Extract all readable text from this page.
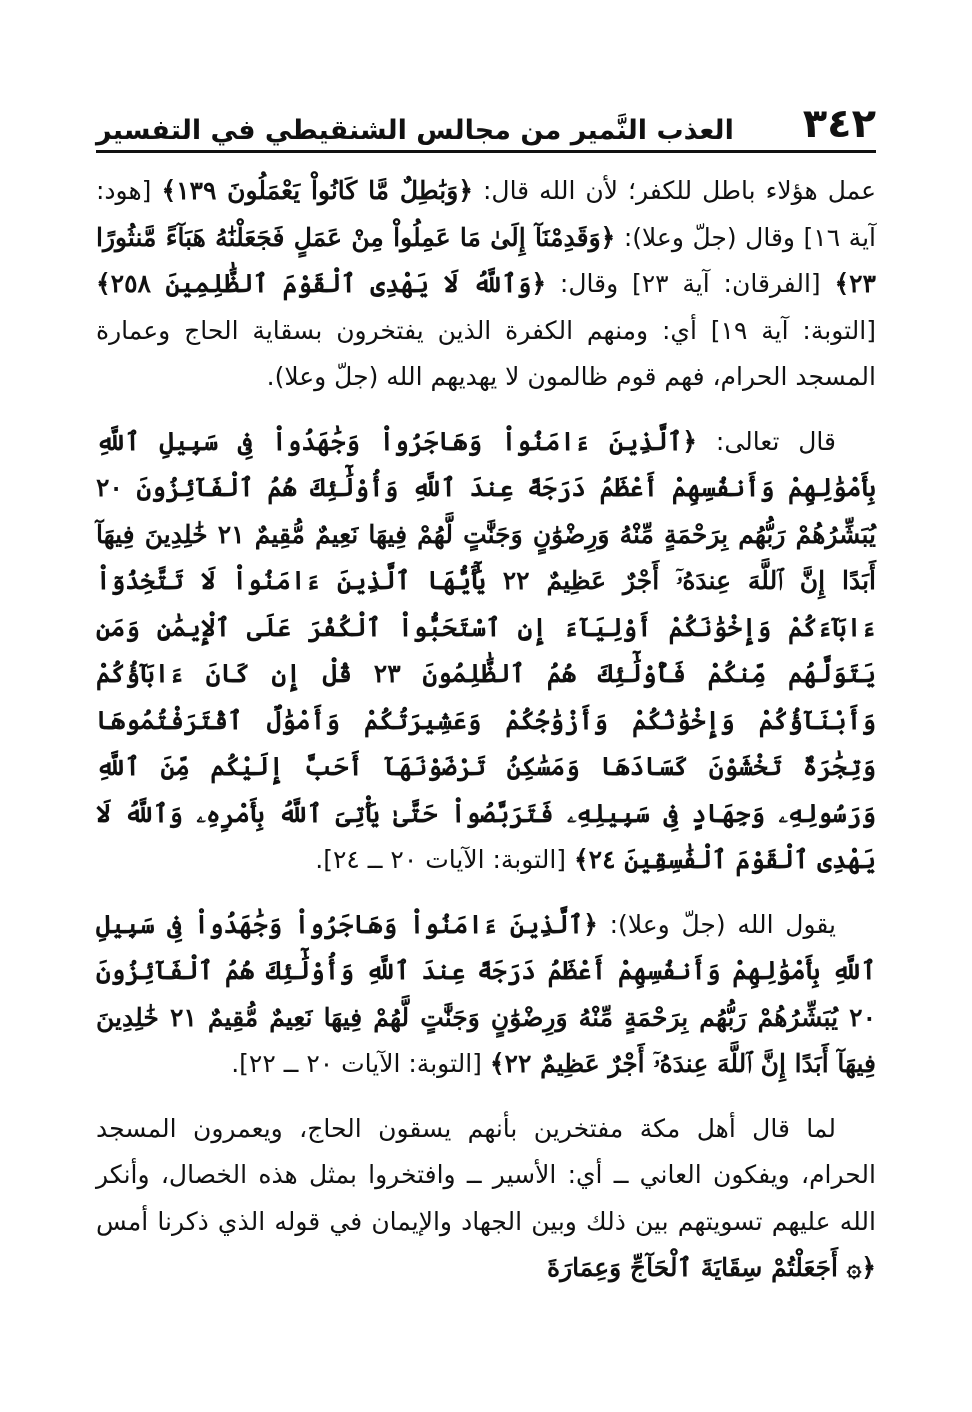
٣٤٢
العذب النَّمير من مجالس الشنقيطي في التفسير

عمل هؤلاء باطل للكفر؛ لأن الله قال: ﴿وَبَٰطِلٌ مَّا كَانُواْ يَعْمَلُونَ ١٣٩﴾ [هود: آية ١٦] وقال (جلّ وعلا): ﴿وَقَدِمْنَآ إِلَىٰ مَا عَمِلُواْ مِنْ عَمَلٍ فَجَعَلْنَٰهُ هَبَآءً مَّنثُورًا ٢٣﴾ [الفرقان: آية ٢٣] وقال: ﴿وَٱللَّهُ لَا يَهْدِى ٱلْقَوْمَ ٱلظَّٰلِمِينَ ٢٥٨﴾ [التوبة: آية ١٩] أي: ومنهم الكفرة الذين يفتخرون بسقاية الحاج وعمارة المسجد الحرام، فهم قوم ظالمون لا يهديهم الله (جلّ وعلا).

قال تعالى: ﴿ٱلَّذِينَ ءَامَنُواْ وَهَاجَرُواْ وَجَٰهَدُواْ فِى سَبِيلِ ٱللَّهِ بِأَمْوَٰلِهِمْ وَأَنفُسِهِمْ أَعْظَمُ دَرَجَةً عِندَ ٱللَّهِ وَأُوْلَٰٓئِكَ هُمُ ٱلْفَآئِزُونَ ٢٠ يُبَشِّرُهُمْ رَبُّهُم بِرَحْمَةٍ مِّنْهُ وَرِضْوَٰنٍ وَجَنَّٰتٍ لَّهُمْ فِيهَا نَعِيمٌ مُّقِيمٌ ٢١ خَٰلِدِينَ فِيهَآ أَبَدًا إِنَّ ٱللَّهَ عِندَهُۥٓ أَجْرٌ عَظِيمٌ ٢٢ يَٰٓأَيُّهَا ٱلَّذِينَ ءَامَنُواْ لَا تَتَّخِذُوٓاْ ءَابَآءَكُمْ وَإِخْوَٰنَكُمْ أَوْلِيَآءَ إِنِ ٱسْتَحَبُّواْ ٱلْكُفْرَ عَلَى ٱلْإِيمَٰنِ وَمَن يَتَوَلَّهُم مِّنكُمْ فَأُوْلَٰٓئِكَ هُمُ ٱلظَّٰلِمُونَ ٢٣ قُلْ إِن كَانَ ءَابَآؤُكُمْ وَأَبْنَآؤُكُمْ وَإِخْوَٰنُكُمْ وَأَزْوَٰجُكُمْ وَعَشِيرَتُكُمْ وَأَمْوَٰلٌ ٱقْتَرَفْتُمُوهَا وَتِجَٰرَةٌ تَخْشَوْنَ كَسَادَهَا وَمَسَٰكِنُ تَرْضَوْنَهَآ أَحَبَّ إِلَيْكُم مِّنَ ٱللَّهِ وَرَسُولِهِۦ وَجِهَادٍ فِى سَبِيلِهِۦ فَتَرَبَّصُواْ حَتَّىٰ يَأْتِىَ ٱللَّهُ بِأَمْرِهِۦ وَٱللَّهُ لَا يَهْدِى ٱلْقَوْمَ ٱلْفَٰسِقِينَ ٢٤﴾ [التوبة: الآيات ٢٠ ــ ٢٤].

يقول الله (جلّ وعلا): ﴿ٱلَّذِينَ ءَامَنُواْ وَهَاجَرُواْ وَجَٰهَدُواْ فِى سَبِيلِ ٱللَّهِ بِأَمْوَٰلِهِمْ وَأَنفُسِهِمْ أَعْظَمُ دَرَجَةً عِندَ ٱللَّهِ وَأُوْلَٰٓئِكَ هُمُ ٱلْفَآئِزُونَ ٢٠ يُبَشِّرُهُمْ رَبُّهُم بِرَحْمَةٍ مِّنْهُ وَرِضْوَٰنٍ وَجَنَّٰتٍ لَّهُمْ فِيهَا نَعِيمٌ مُّقِيمٌ ٢١ خَٰلِدِينَ فِيهَآ أَبَدًا إِنَّ ٱللَّهَ عِندَهُۥٓ أَجْرٌ عَظِيمٌ ٢٢﴾ [التوبة: الآيات ٢٠ ــ ٢٢].

لما قال أهل مكة مفتخرين بأنهم يسقون الحاج، ويعمرون المسجد الحرام، ويفكون العاني ــ أي: الأسير ــ وافتخروا بمثل هذه الخصال، وأنكر الله عليهم تسويتهم بين ذلك وبين الجهاد والإيمان في قوله الذي ذكرنا أمس ﴿۞ أَجَعَلْتُمْ سِقَايَةَ ٱلْحَآجِّ وَعِمَارَةَ
